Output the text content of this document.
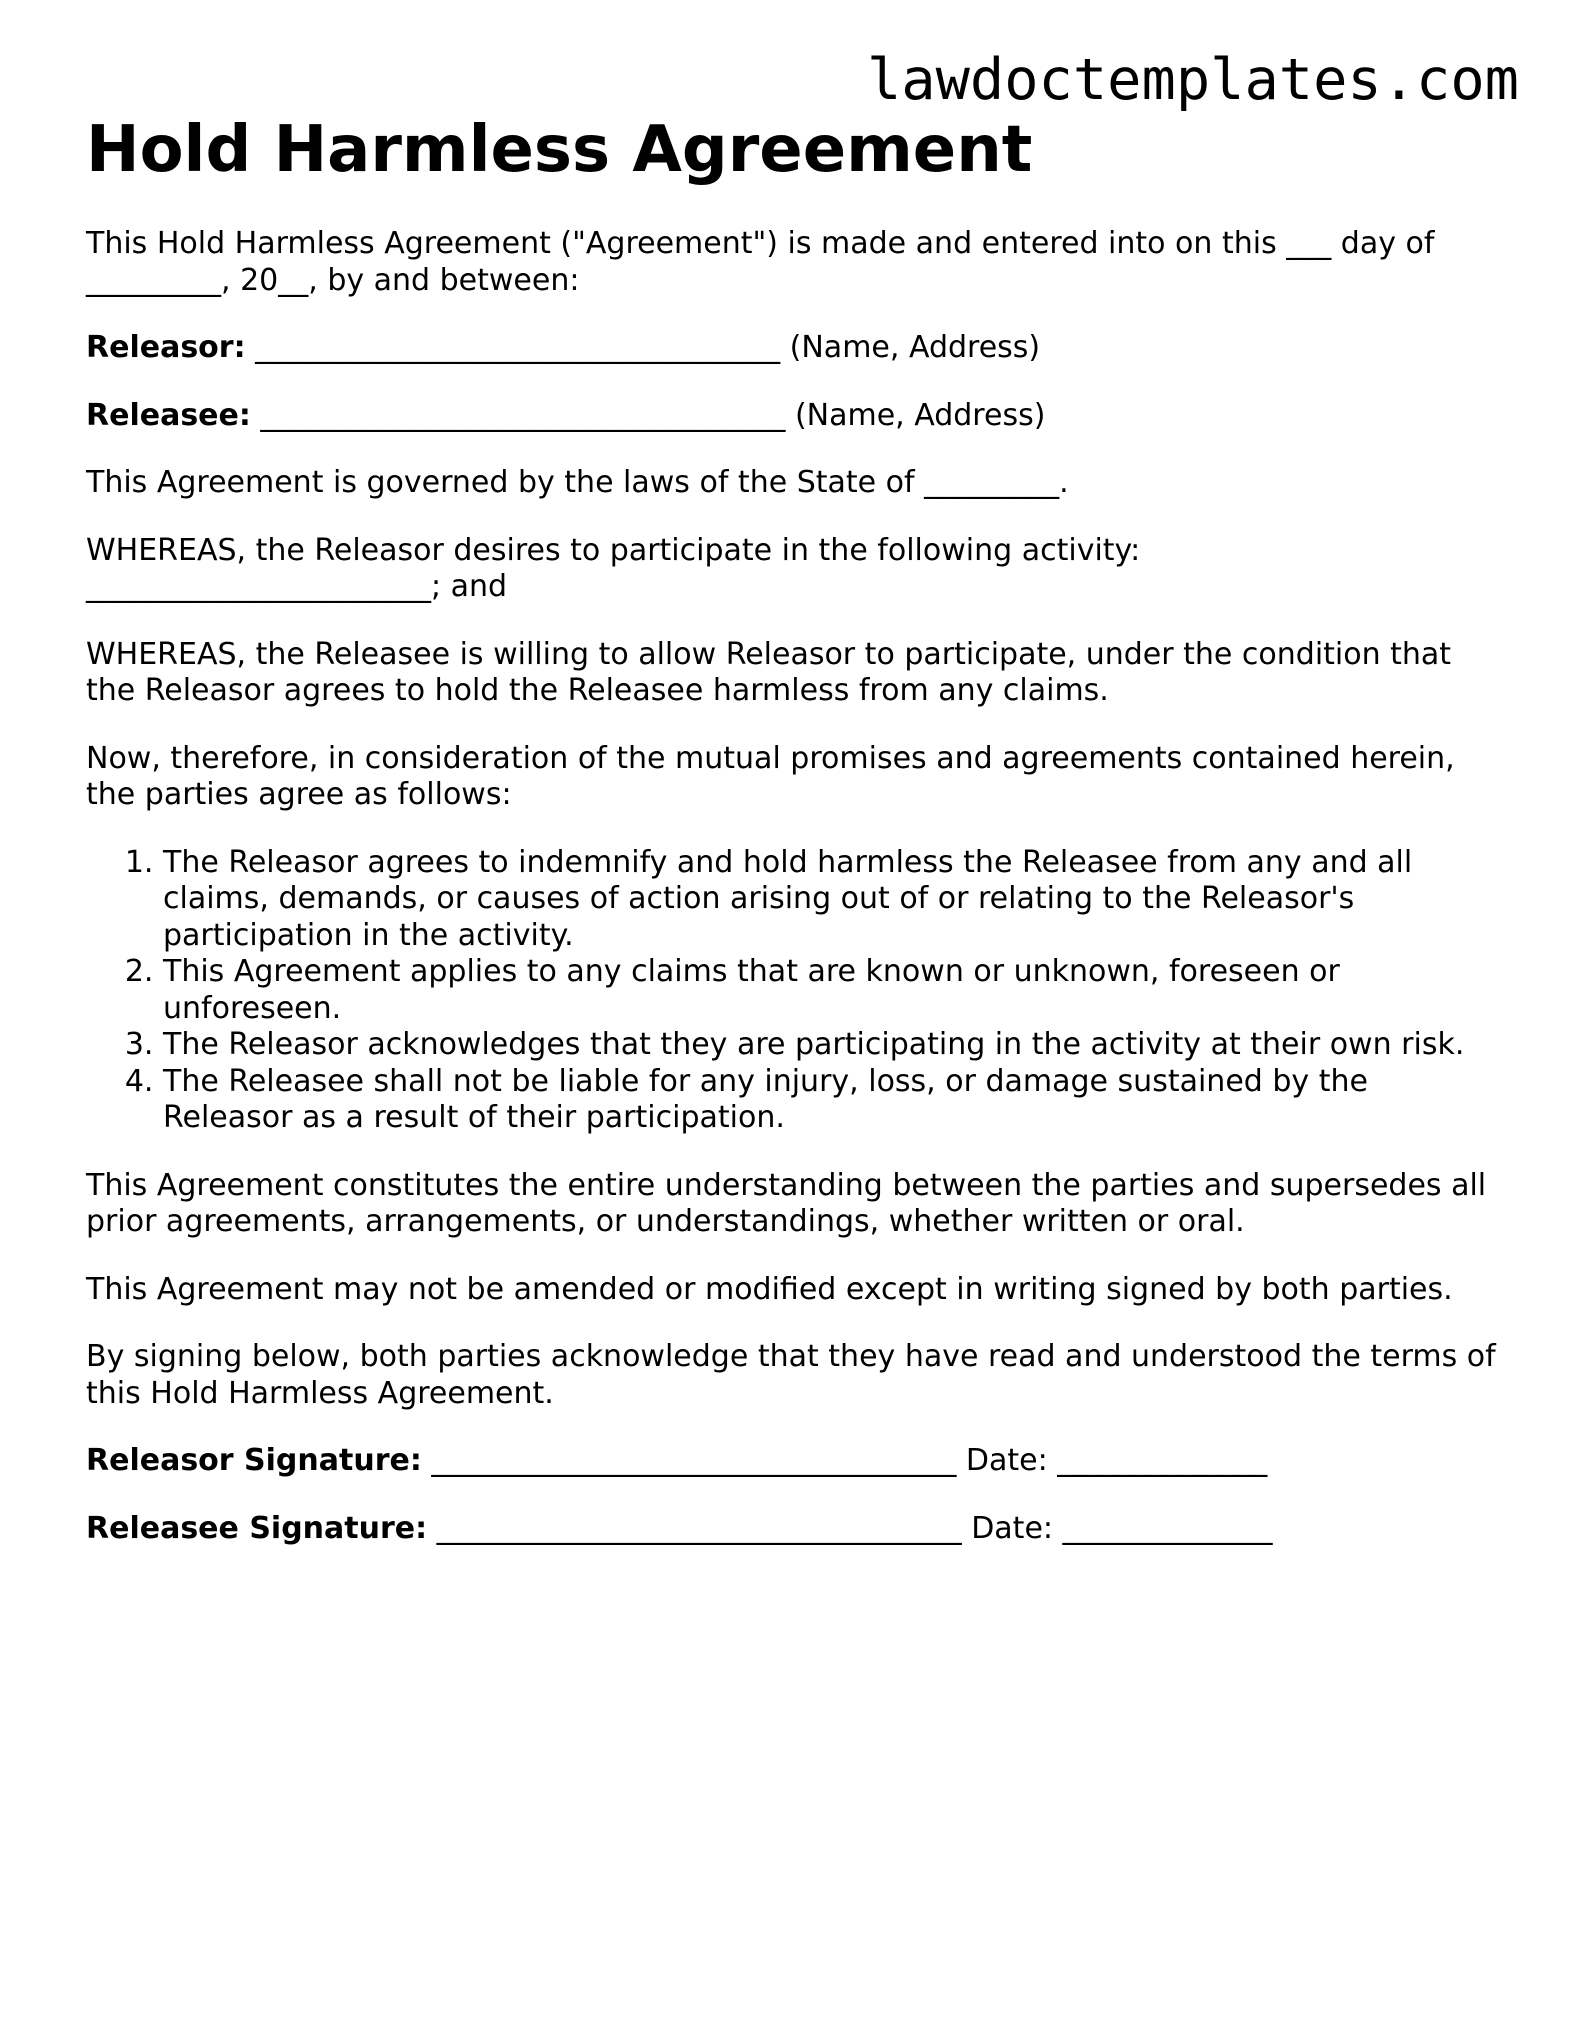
lawdoctemplates.com
Hold Harmless Agreement

This Hold Harmless Agreement ("Agreement") is made and entered into on this ___ day of _________, 20__, by and between:

Releasor: ___________________________________ (Name, Address)

Releasee: ___________________________________ (Name, Address)

This Agreement is governed by the laws of the State of _________.

WHEREAS, the Releasor desires to participate in the following activity: _______________________; and

WHEREAS, the Releasee is willing to allow Releasor to participate, under the condition that the Releasor agrees to hold the Releasee harmless from any claims.

Now, therefore, in consideration of the mutual promises and agreements contained herein, the parties agree as follows:

1. The Releasor agrees to indemnify and hold harmless the Releasee from any and all claims, demands, or causes of action arising out of or relating to the Releasor's participation in the activity.
2. This Agreement applies to any claims that are known or unknown, foreseen or unforeseen.
3. The Releasor acknowledges that they are participating in the activity at their own risk.
4. The Releasee shall not be liable for any injury, loss, or damage sustained by the Releasor as a result of their participation.

This Agreement constitutes the entire understanding between the parties and supersedes all prior agreements, arrangements, or understandings, whether written or oral.

This Agreement may not be amended or modified except in writing signed by both parties.

By signing below, both parties acknowledge that they have read and understood the terms of this Hold Harmless Agreement.

Releasor Signature: ___________________________________ Date: ______________

Releasee Signature: ___________________________________ Date: ______________
